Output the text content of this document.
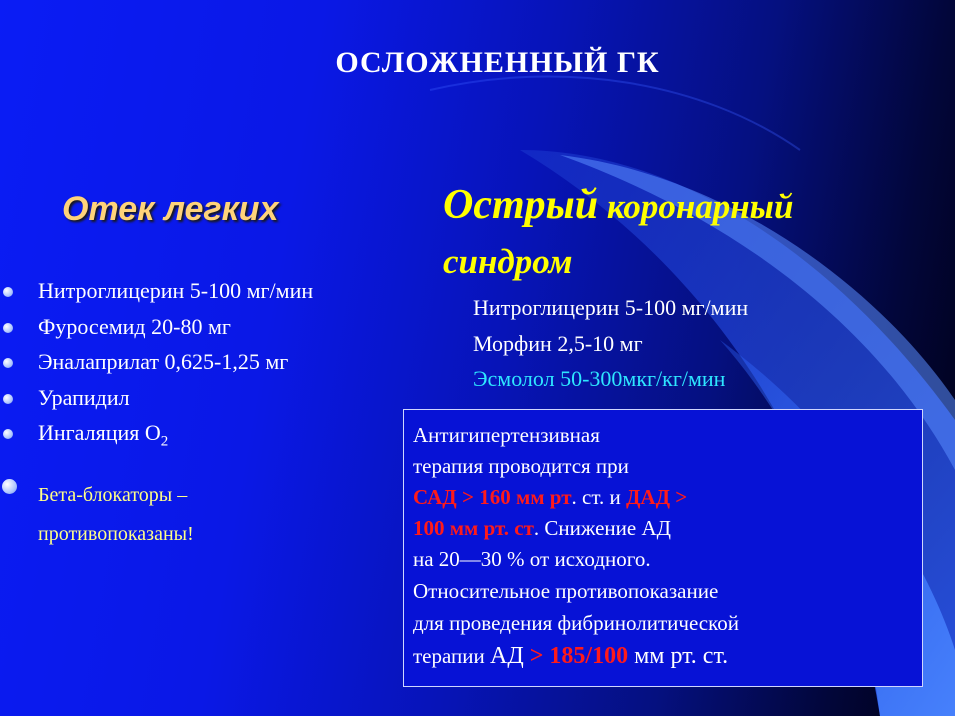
ОСЛОЖНЕННЫЙ ГК

Отек легких	Острый коронарный
синдром

Нитроглицерин 5-100 мг/мин
Фуросемид 20-80 мг
Эналаприлат 0,625-1,25 мг
Урапидил
Ингаляция $O_2$
Бета-блокаторы –
противопоказаны!
Нитроглицерин 5-100 мг/мин
Морфин 2,5-10 мг
Эсмолол 50-300мкг/кг/мин

Антигипертензивная

терапия проводится при

САД > 160 мм рт. ст. и ДАД >

100 мм рт. ст. Снижение АД

на 20—30 % от исходного.

Относительное противопоказание

для проведения фибринолитической

терапии АД > 185/100 мм рт. ст.
